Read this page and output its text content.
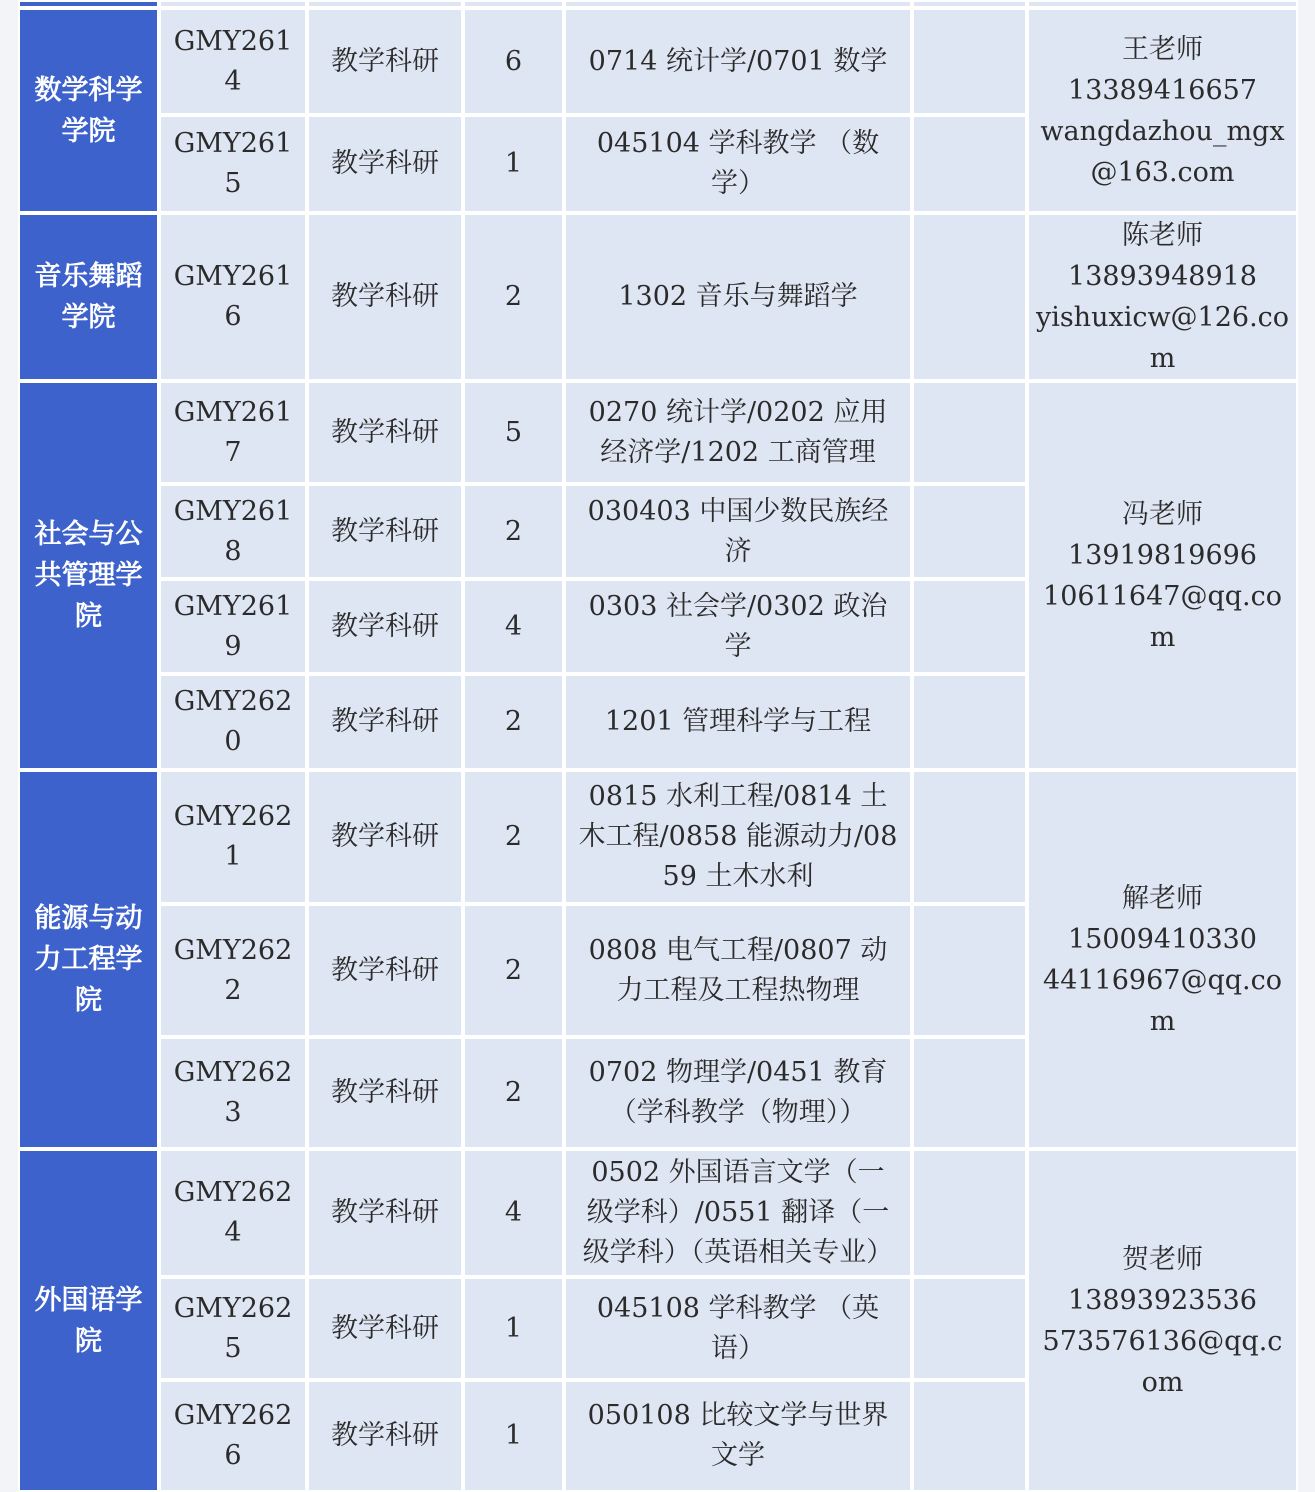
数学科学学院	GMY2614	教学科研	6	0714 统计学/0701 数学		王老师
13389416657
wangdazhou_mgx@163.com

	GMY2615	教学科研	1	045104 学科教学 （数学）		
音乐舞蹈学院	GMY2616	教学科研	2	1302 音乐与舞蹈学		陈老师
13893948918
yishuxicw@126.com

社会与公共管理学院	GMY2617	教学科研	5	0270 统计学/0202 应用经济学/1202 工商管理		冯老师
13919819696
10611647@qq.com

	GMY2618	教学科研	2	030403 中国少数民族经济		
	GMY2619	教学科研	4	0303 社会学/0302 政治学		
	GMY2620	教学科研	2	1201 管理科学与工程		
能源与动力工程学院	GMY2621	教学科研	2	0815 水利工程/0814 土木工程/0858 能源动力/0859 土木水利		解老师
15009410330
44116967@qq.com

	GMY2622	教学科研	2	0808 电气工程/0807 动力工程及工程热物理		
	GMY2623	教学科研	2	0702 物理学/0451 教育（学科教学（物理））		
外国语学院	GMY2624	教学科研	4	0502 外国语言文学（一级学科）/0551 翻译（一级学科）（英语相关专业）		贺老师
13893923536
573576136@qq.com

	GMY2625	教学科研	1	045108 学科教学 （英语）		
	GMY2626	教学科研	1	050108 比较文学与世界文学		
